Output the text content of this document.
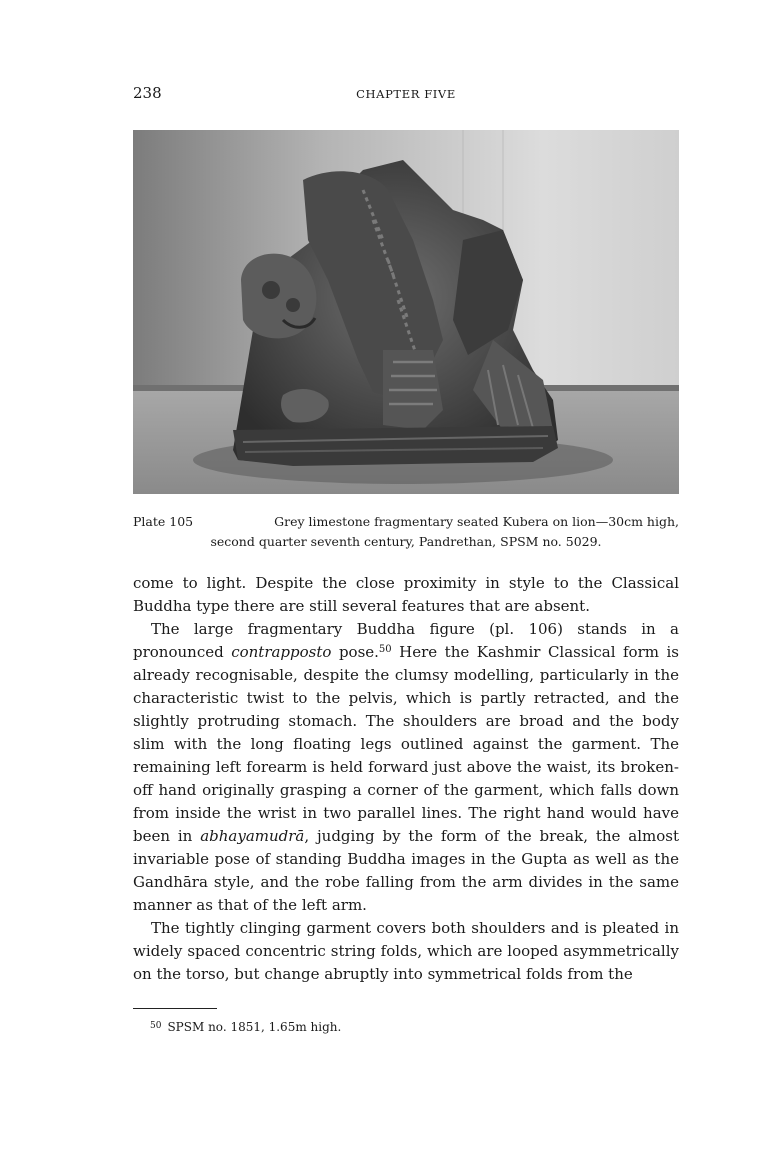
238	CHAPTER FIVE
Plate 105	Grey limestone fragmentary seated Kubera on lion—30cm high,
second quarter seventh century, Pandrethan, SPSM no. 5029.

come to light. Despite the close proximity in style to the Classical Buddha type there are still several features that are absent.

The large fragmentary Buddha figure (pl. 106) stands in a pronounced contrapposto pose.$^{50}$ Here the Kashmir Classical form is already recognisable, despite the clumsy modelling, particularly in the characteristic twist to the pelvis, which is partly retracted, and the slightly protruding stomach. The shoulders are broad and the body slim with the long floating legs outlined against the garment. The remaining left forearm is held forward just above the waist, its broken-off hand originally grasping a corner of the garment, which falls down from inside the wrist in two parallel lines. The right hand would have been in abhayamudrā, judging by the form of the break, the almost invariable pose of standing Buddha images in the Gupta as well as the Gandhāra style, and the robe falling from the arm divides in the same manner as that of the left arm.

The tightly clinging garment covers both shoulders and is pleated in widely spaced concentric string folds, which are looped asymmetrically on the torso, but change abruptly into symmetrical folds from the

$^{50}$ SPSM no. 1851, 1.65m high.
